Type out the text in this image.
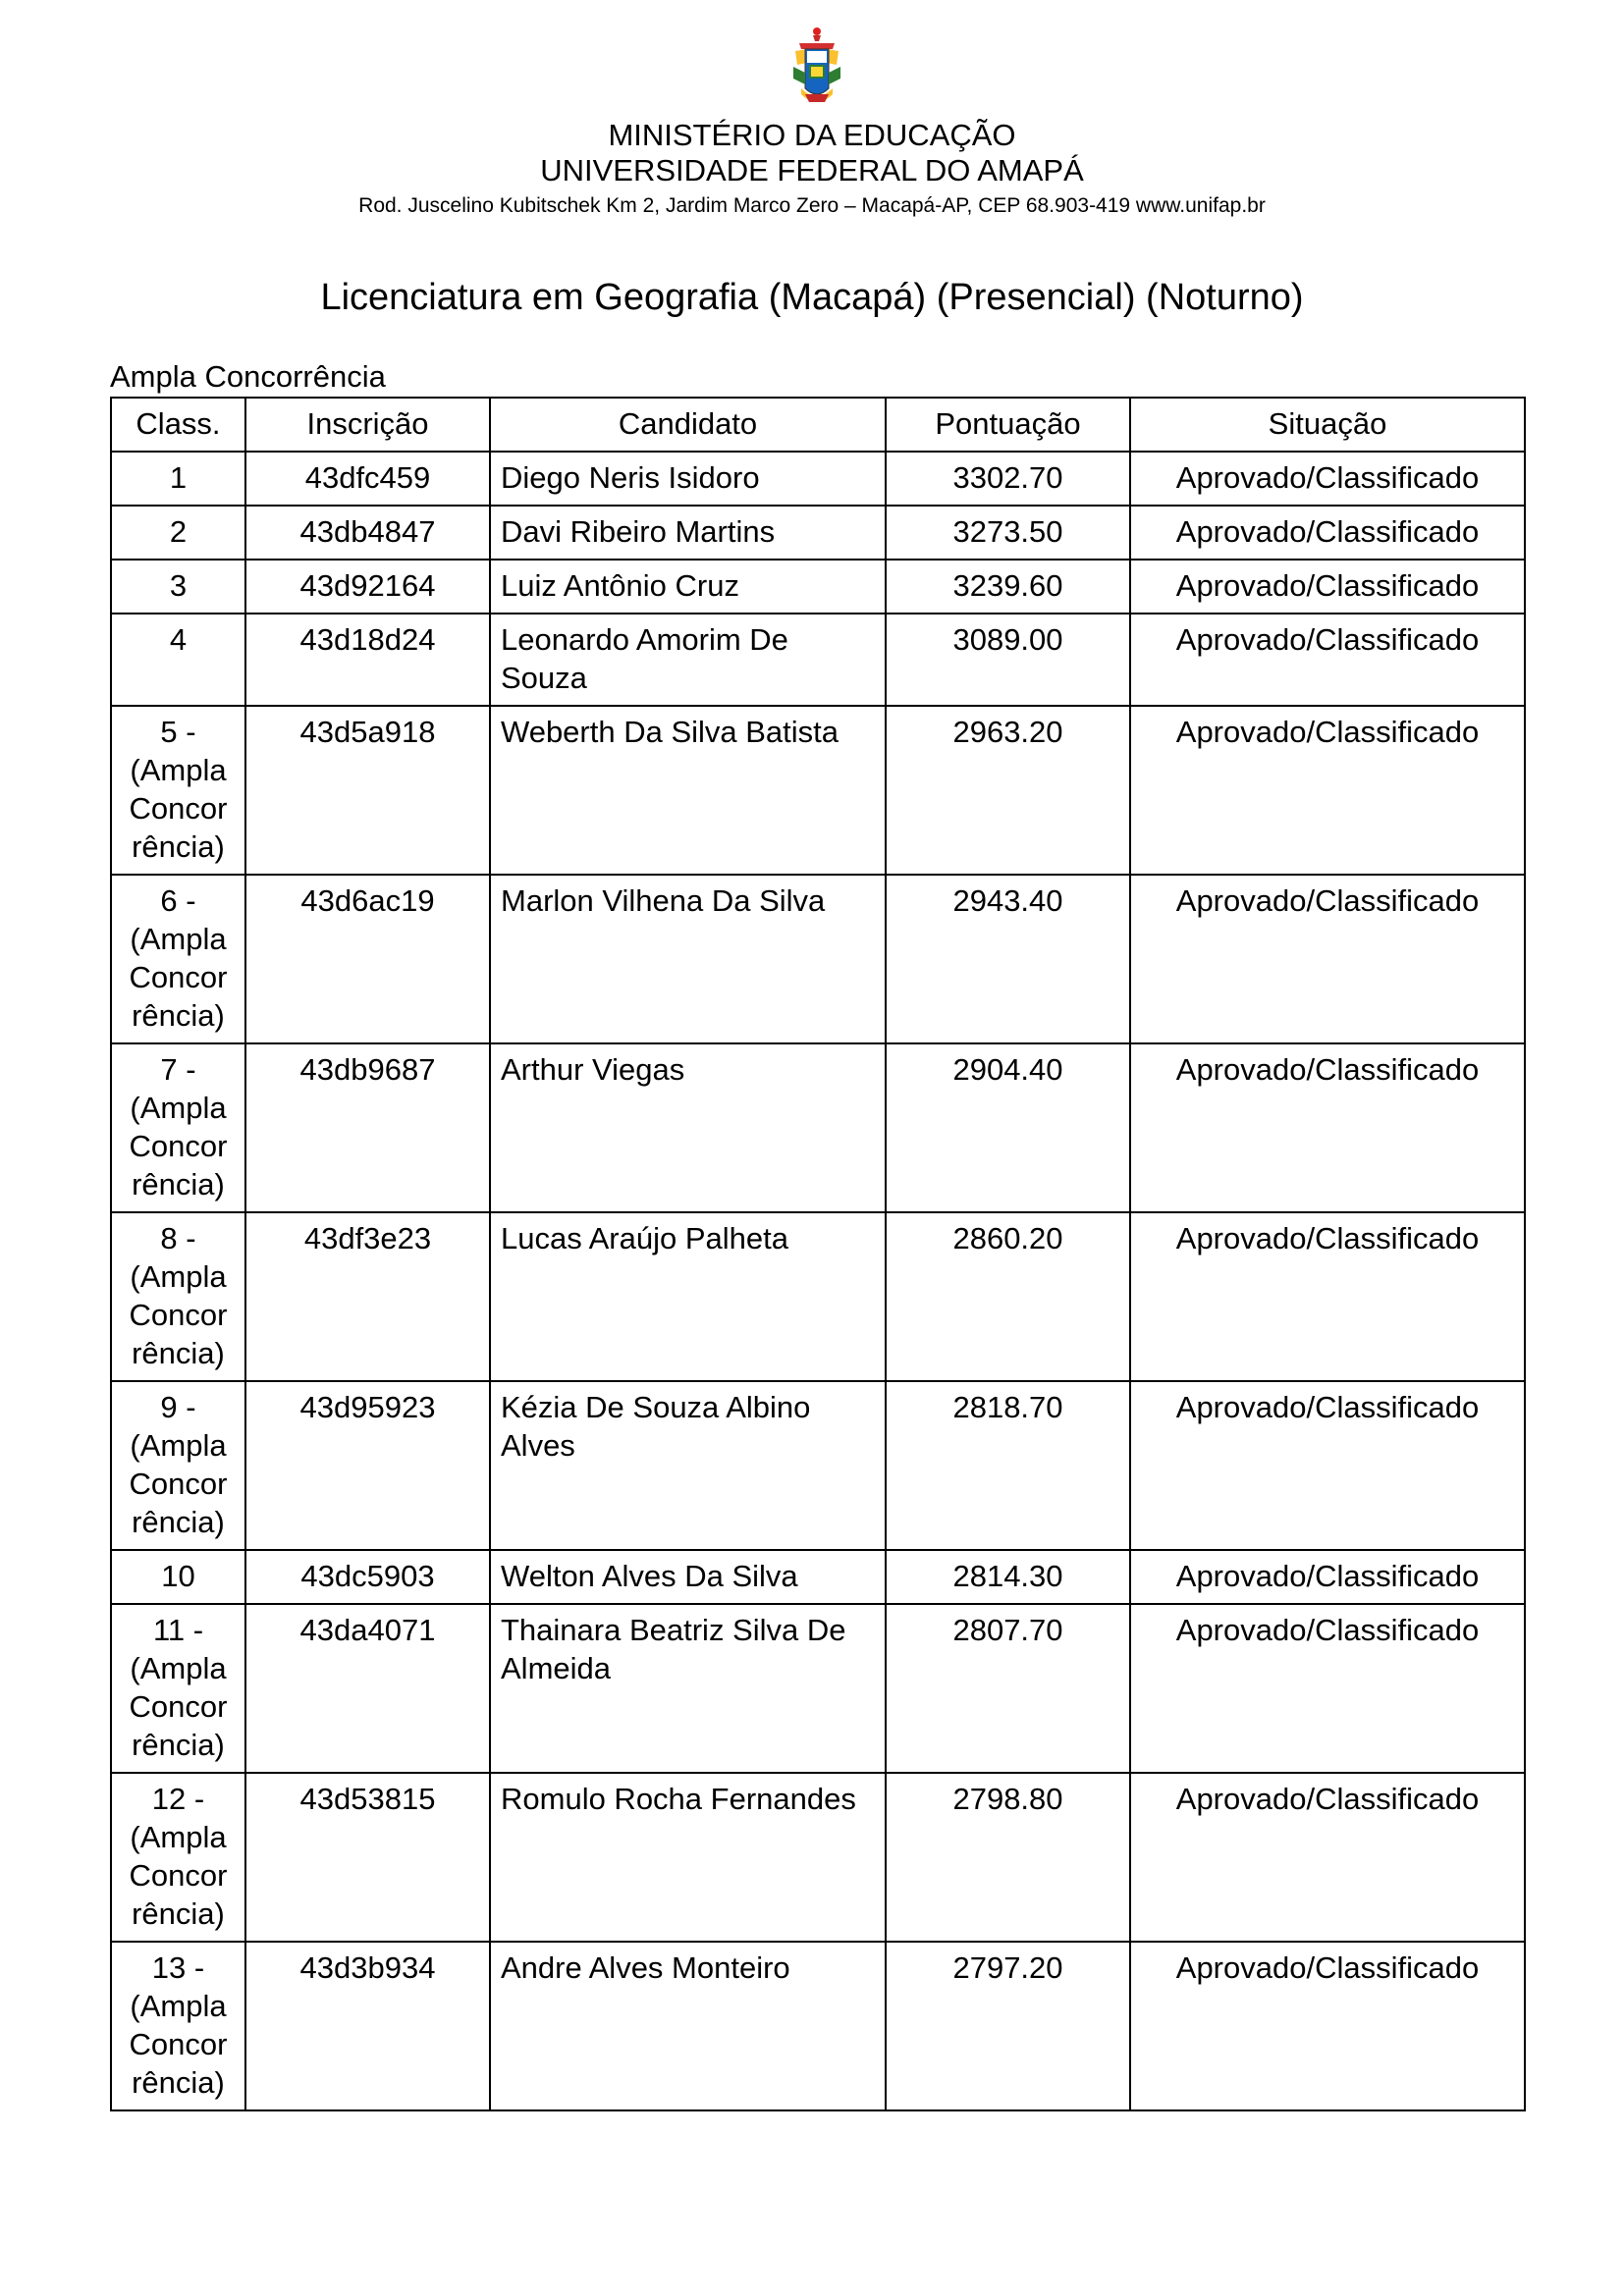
MINISTÉRIO DA EDUCAÇÃO
UNIVERSIDADE FEDERAL DO AMAPÁ
Rod. Juscelino Kubitschek Km 2, Jardim Marco Zero – Macapá-AP, CEP 68.903-419 www.unifap.br
Licenciatura em Geografia (Macapá) (Presencial) (Noturno)
Ampla Concorrência
Class.	Inscrição	Candidato	Pontuação	Situação
1	43dfc459	Diego Neris Isidoro	3302.70	Aprovado/Classificado
2	43db4847	Davi Ribeiro Martins	3273.50	Aprovado/Classificado
3	43d92164	Luiz Antônio Cruz	3239.60	Aprovado/Classificado
4	43d18d24	Leonardo Amorim De Souza	3089.00	Aprovado/Classificado
5 - (Ampla Concor rência)	43d5a918	Weberth Da Silva Batista	2963.20	Aprovado/Classificado
6 - (Ampla Concor rência)	43d6ac19	Marlon Vilhena Da Silva	2943.40	Aprovado/Classificado
7 - (Ampla Concor rência)	43db9687	Arthur Viegas	2904.40	Aprovado/Classificado
8 - (Ampla Concor rência)	43df3e23	Lucas Araújo Palheta	2860.20	Aprovado/Classificado
9 - (Ampla Concor rência)	43d95923	Kézia De Souza Albino Alves	2818.70	Aprovado/Classificado
10	43dc5903	Welton Alves Da Silva	2814.30	Aprovado/Classificado
11 - (Ampla Concor rência)	43da4071	Thainara Beatriz Silva De Almeida	2807.70	Aprovado/Classificado
12 - (Ampla Concor rência)	43d53815	Romulo Rocha Fernandes	2798.80	Aprovado/Classificado
13 - (Ampla Concor rência)	43d3b934	Andre Alves Monteiro	2797.20	Aprovado/Classificado
